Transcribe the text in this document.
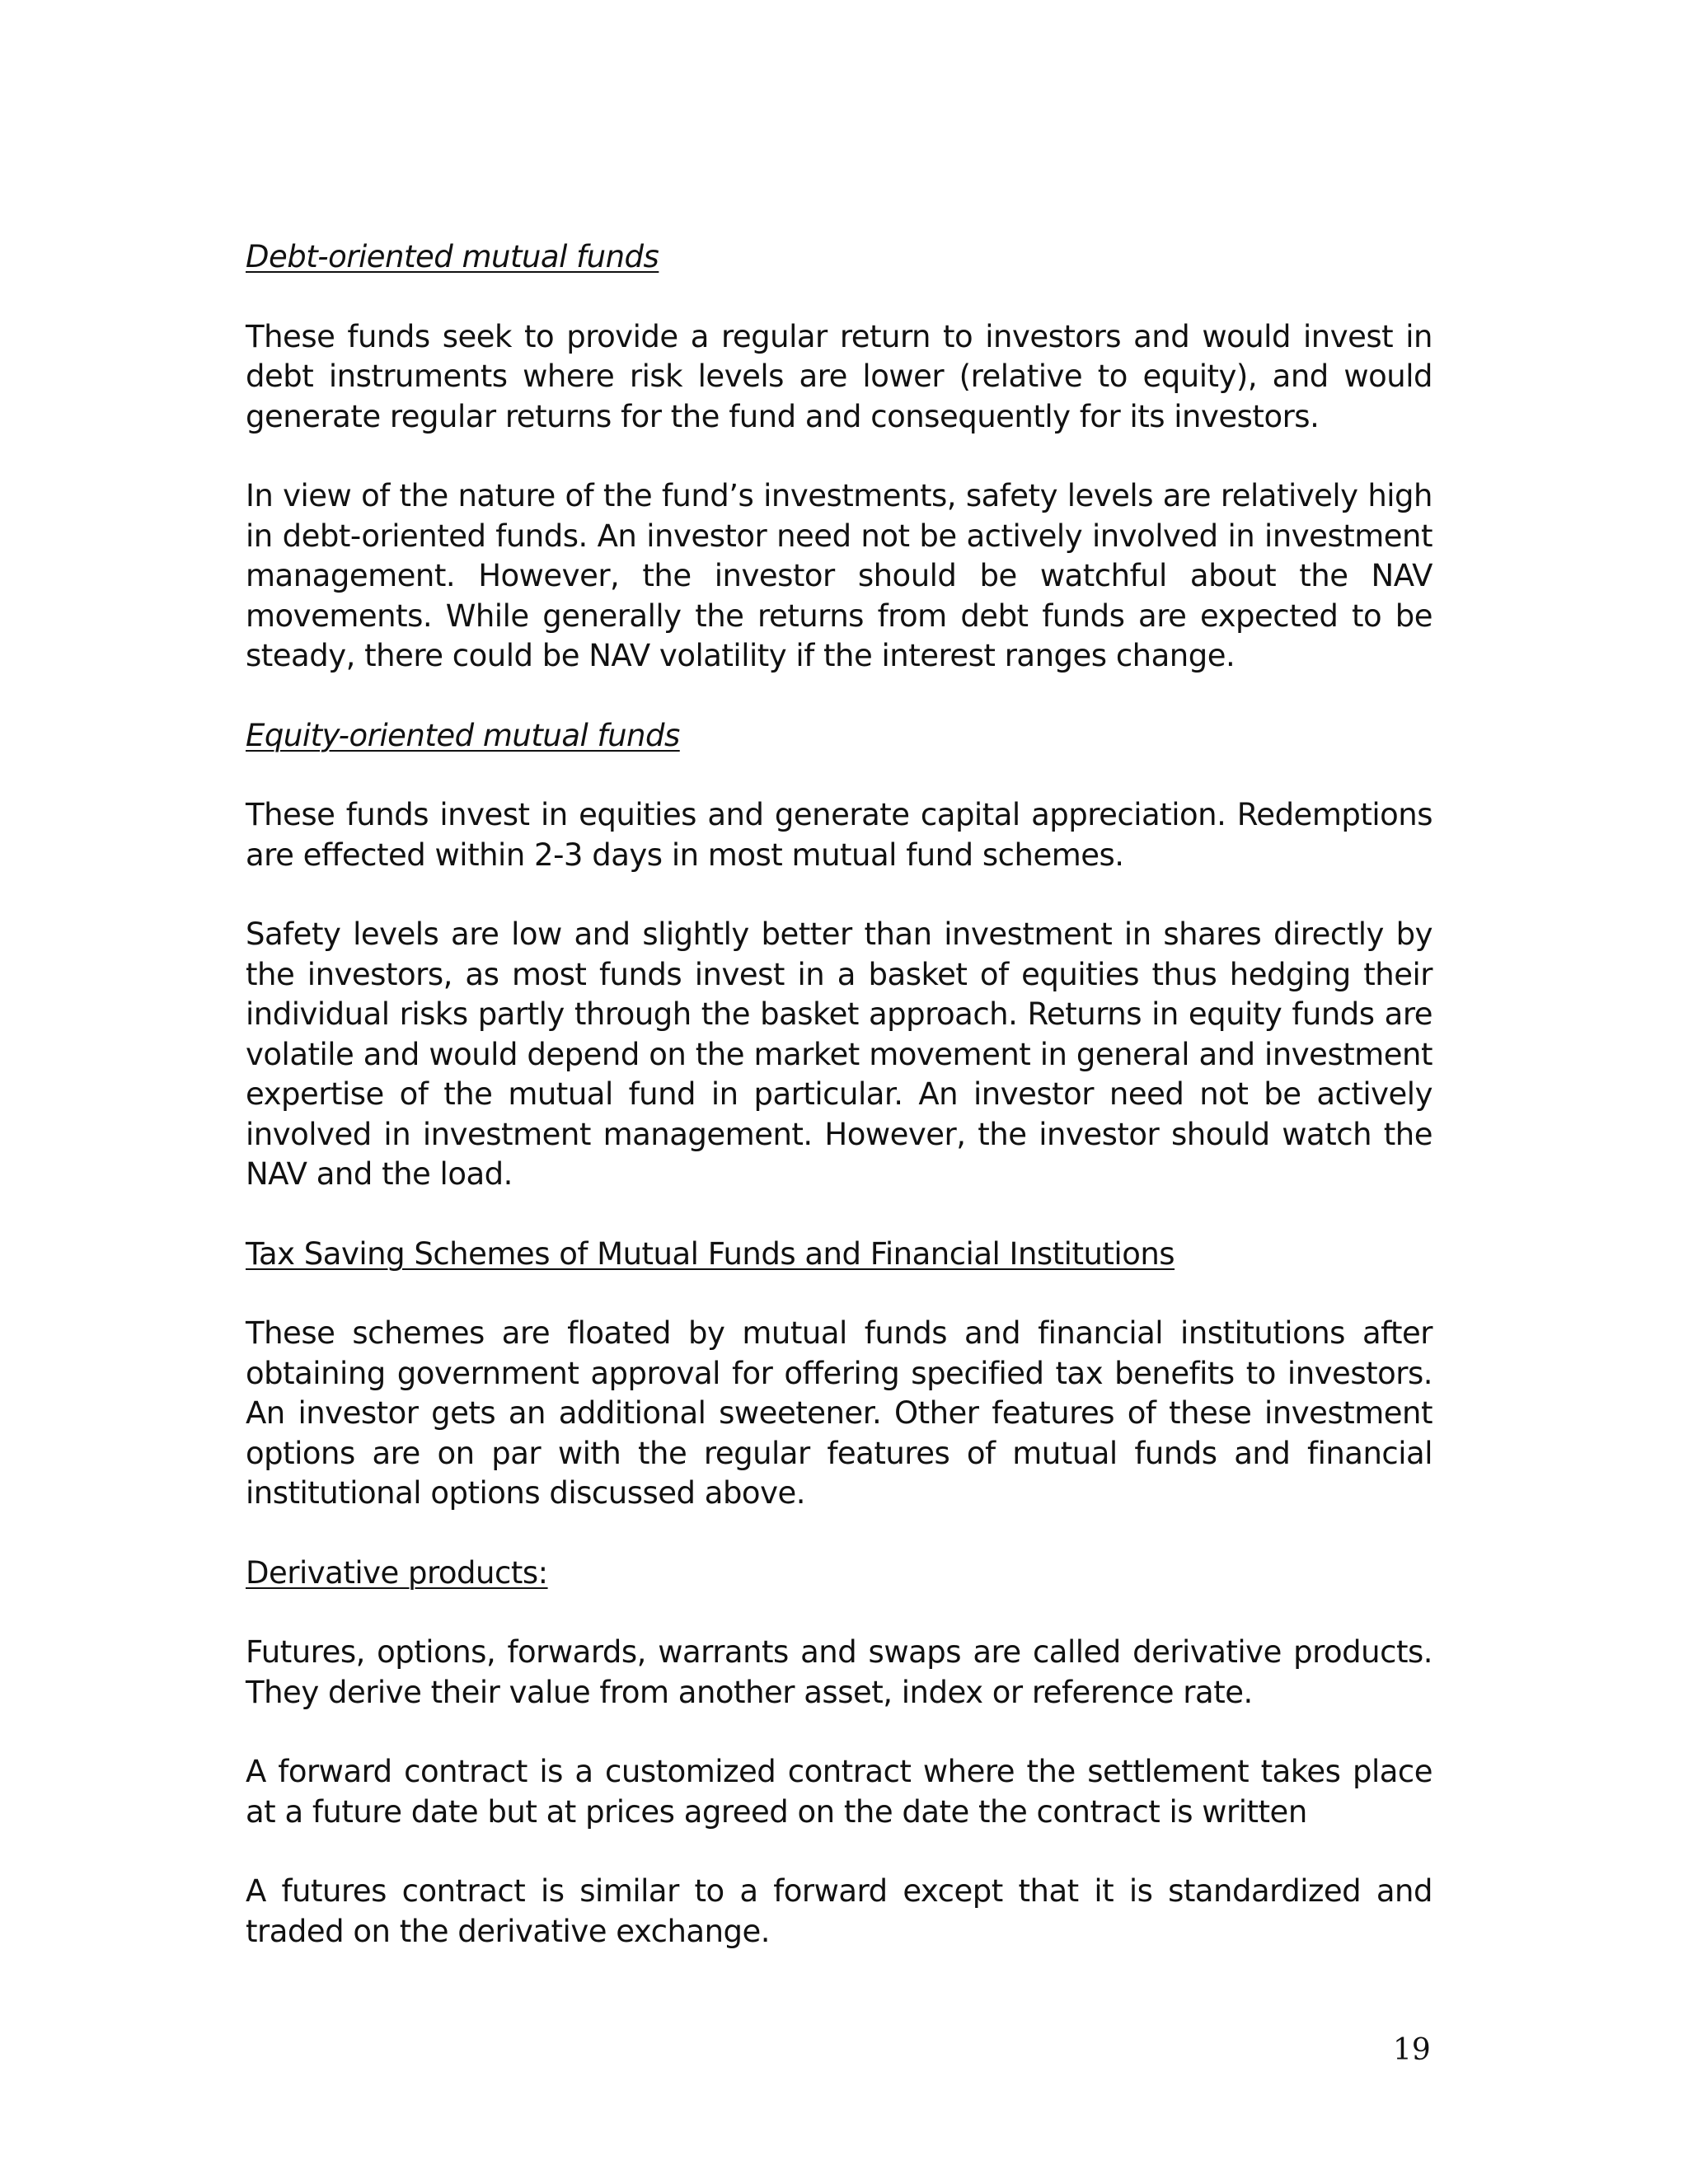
Debt-oriented mutual funds

These funds seek to provide a regular return to investors and would invest in debt instruments where risk levels are lower (relative to equity), and would generate regular returns for the fund and consequently for its investors.

In view of the nature of the fund’s investments, safety levels are relatively high in debt-oriented funds. An investor need not be actively involved in investment management. However, the investor should be watchful about the NAV movements. While generally the returns from debt funds are expected to be steady, there could be NAV volatility if the interest ranges change.

Equity-oriented mutual funds

These funds invest in equities and generate capital appreciation. Redemptions are effected within 2-3 days in most mutual fund schemes.

Safety levels are low and slightly better than investment in shares directly by the investors, as most funds invest in a basket of equities thus hedging their individual risks partly through the basket approach. Returns in equity funds are volatile and would depend on the market movement in general and investment expertise of the mutual fund in particular. An investor need not be actively involved in investment management. However, the investor should watch the NAV and the load.

Tax Saving Schemes of Mutual Funds and Financial Institutions

These schemes are floated by mutual funds and financial institutions after obtaining government approval for offering specified tax benefits to investors. An investor gets an additional sweetener. Other features of these investment options are on par with the regular features of mutual funds and financial institutional options discussed above.

Derivative products:

Futures, options, forwards, warrants and swaps are called derivative products. They derive their value from another asset, index or reference rate.

A forward contract is a customized contract where the settlement takes place at a future date but at prices agreed on the date the contract is written

A futures contract is similar to a forward except that it is standardized and traded on the derivative exchange.

19
